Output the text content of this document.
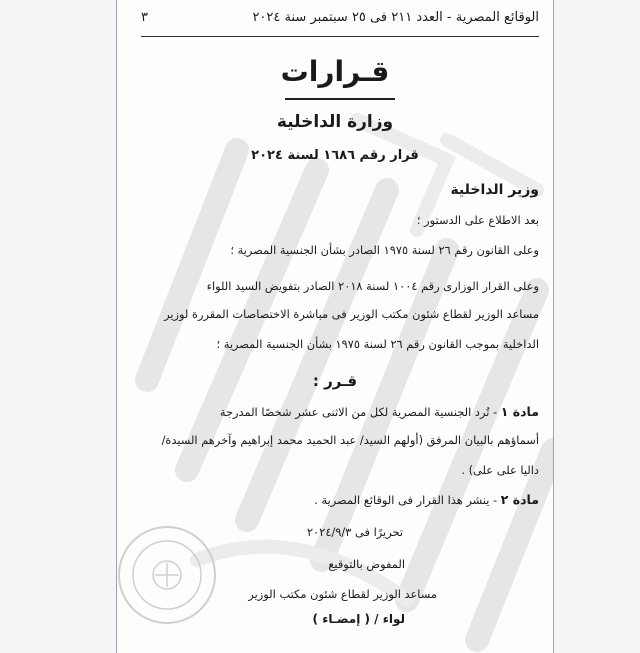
الوقائع المصرية - العدد ٢١١ فى ٢٥ سبتمبر سنة ٢٠٢٤
٣
قـرارات
وزارة الداخلية
قرار رقم ١٦٨٦ لسنة ٢٠٢٤
وزير الداخلية
بعد الاطلاع على الدستور ؛
وعلى القانون رقم ٢٦ لسنة ١٩٧٥ الصادر بشأن الجنسية المصرية ؛
وعلى القرار الوزارى رقم ١٠٠٤ لسنة ٢٠١٨ الصادر بتفويض السيد اللواء
مساعد الوزير لقطاع شئون مكتب الوزير فى مباشرة الاختصاصات المقررة لوزير
الداخلية بموجب القانون رقم ٢٦ لسنة ١٩٧٥ بشأن الجنسية المصرية ؛
قـرر :
مادة ١ - تُرد الجنسية المصرية لكل من الاثنى عشر شخصًا المدرجة
أسماؤهم بالبيان المرفق (أولهم السيد/ عبد الحميد محمد إبراهيم وآخرهم السيدة/
داليا على على) .
مادة ٢ - ينشر هذا القرار فى الوقائع المصرية .
تحريرًا فى ٢٠٢٤/٩/٣
المفوض بالتوقيع
مساعد الوزير لقطاع شئون مكتب الوزير
لواء / ( إمضـاء )
